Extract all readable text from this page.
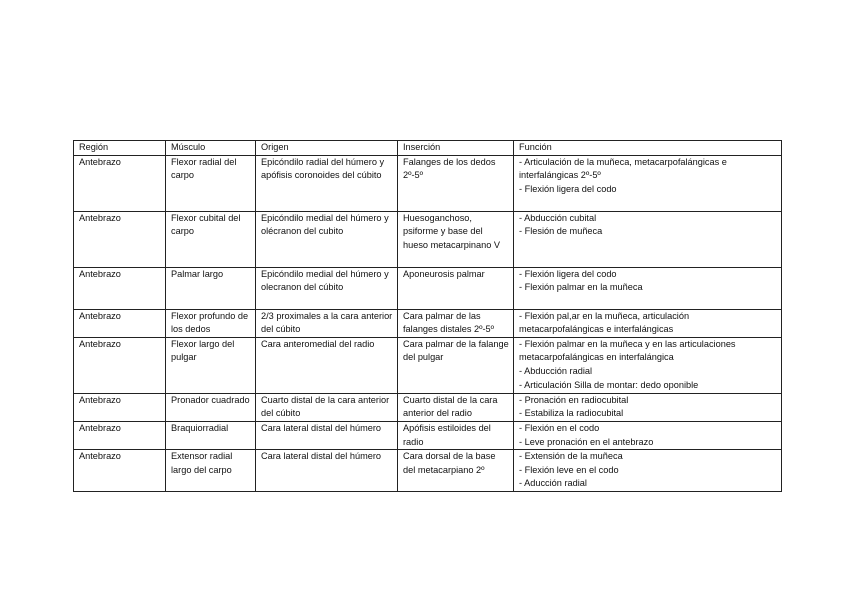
Región	Músculo	Origen	Inserción	Función
Antebrazo	Flexor radial del carpo	Epicóndilo radial del húmero y apófisis coronoides del cúbito	Falanges de los dedos 2º-5º	- Articulación de la muñeca, metacarpofalángicas e
interfalángicas 2º-5º
- Flexión ligera del codo

Antebrazo	Flexor cubital del carpo	Epicóndilo medial del húmero y olécranon del cubito	Huesoganchoso, psiforme y base del hueso metacarpinano V	- Abducción cubital
- Flesión de muñeca

Antebrazo	Palmar largo	Epicóndilo medial del húmero y olecranon del cúbito	Aponeurosis palmar	- Flexión ligera del codo
- Flexión palmar en la muñeca

Antebrazo	Flexor profundo de los dedos	2/3 proximales a la cara anterior del cúbito	Cara palmar de las falanges distales 2º-5º	- Flexión pal,ar en la muñeca, articulación
metacarpofalángicas e interfalángicas

Antebrazo	Flexor largo del pulgar	Cara anteromedial del radio	Cara palmar de la falange del pulgar	- Flexión palmar en la muñeca y en las articulaciones
metacarpofalángicas en interfalángica
- Abducción radial
- Articulación Silla de montar: dedo oponible

Antebrazo	Pronador cuadrado	Cuarto distal de la cara anterior del cúbito	Cuarto distal de la cara anterior del radio	- Pronación en radiocubital
- Estabiliza la radiocubital

Antebrazo	Braquiorradial	Cara lateral distal del húmero	Apófisis estiloides del radio	- Flexión en el codo
- Leve pronación en el antebrazo

Antebrazo	Extensor radial largo del carpo	Cara lateral distal del húmero	Cara dorsal de la base del metacarpiano 2º	- Extensión de la muñeca
- Flexión leve en el codo
- Aducción radial
